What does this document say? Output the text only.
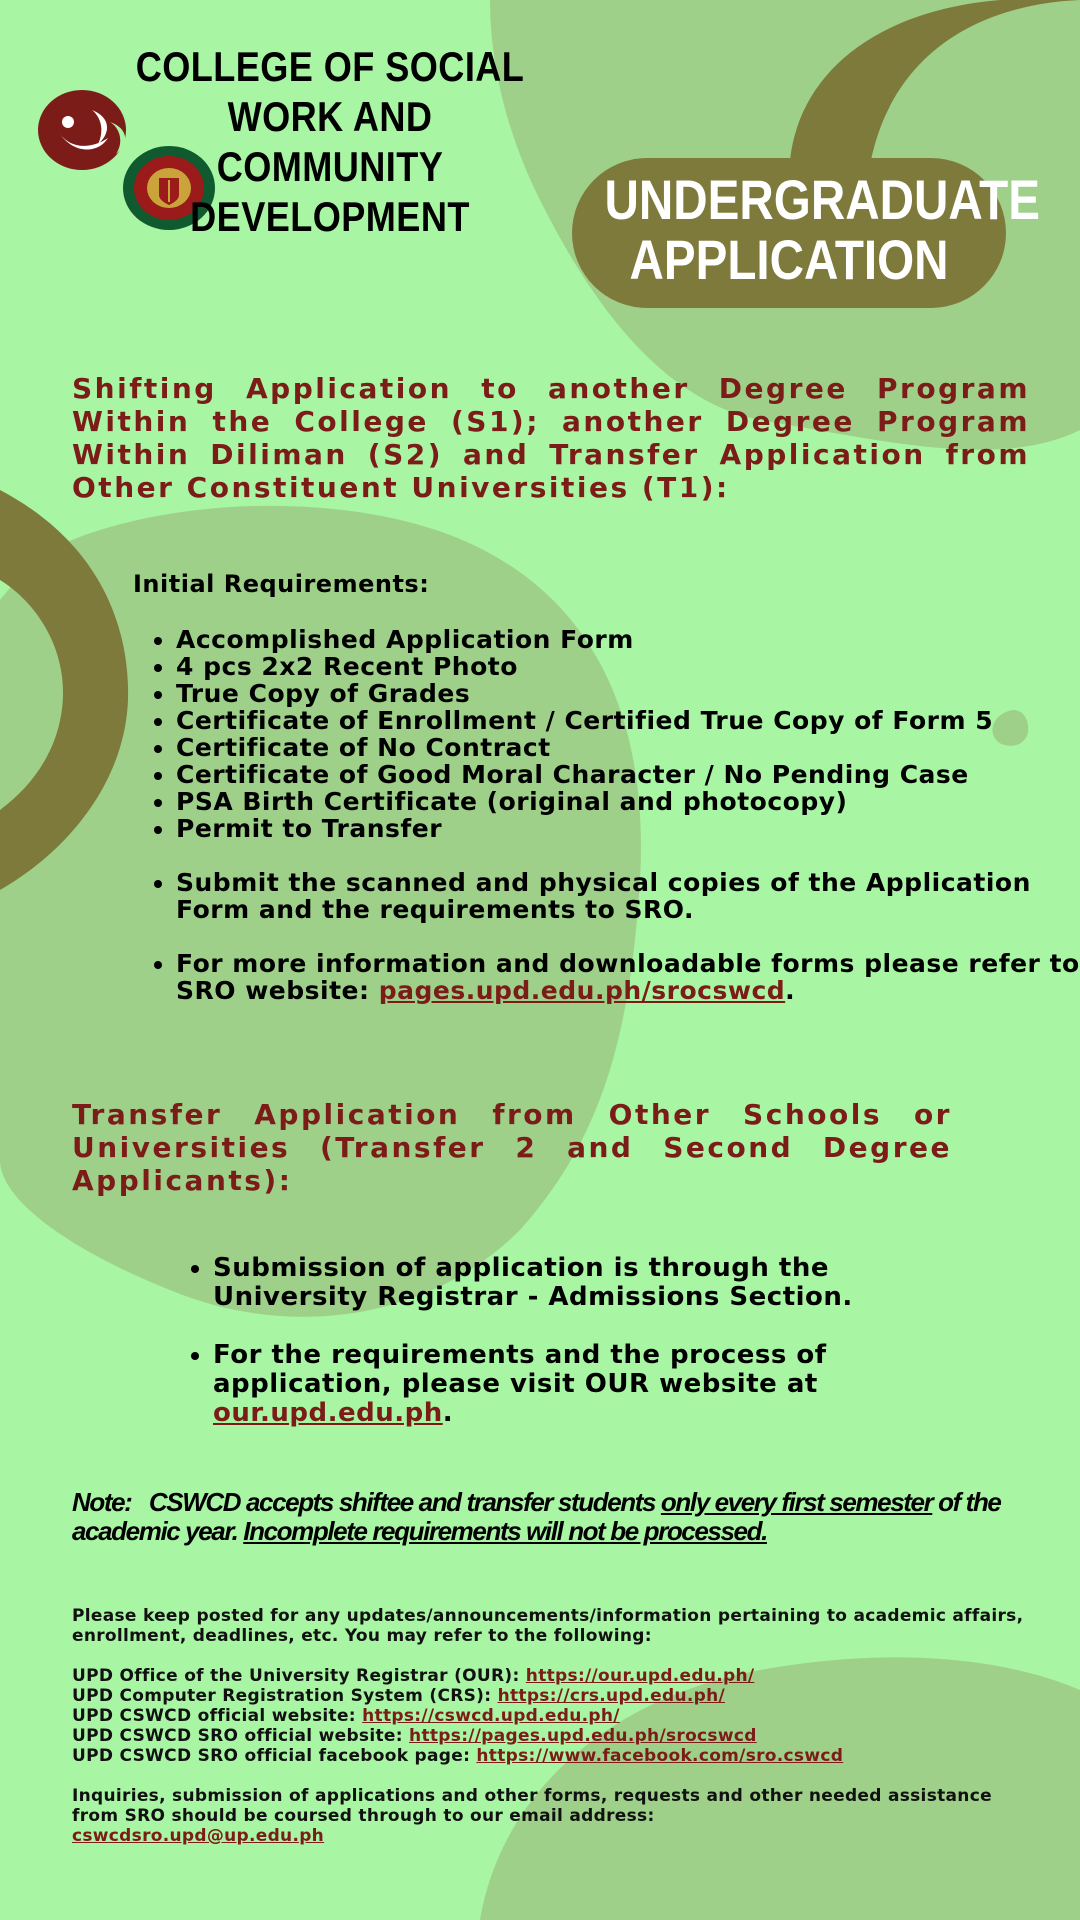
COLLEGE OF SOCIAL WORK AND COMMUNITY DEVELOPMENT	UNDERGRADUATE
APPLICATION
Shifting Application to another Degree Program Within the College (S1); another Degree Program Within Diliman (S2) and Transfer Application from Other Constituent Universities (T1):
Initial Requirements:
• Accomplished Application Form
• 4 pcs 2x2 Recent Photo
• True Copy of Grades
• Certificate of Enrollment / Certified True Copy of Form 5
• Certificate of No Contract
• Certificate of Good Moral Character / No Pending Case
• PSA Birth Certificate (original and photocopy)
• Permit to Transfer
• Submit the scanned and physical copies of the Application Form and the requirements to SRO.
• For more information and downloadable forms please refer to SRO website: pages.upd.edu.ph/srocswcd.
Transfer Application from Other Schools or Universities (Transfer 2 and Second Degree Applicants):
• Submission of application is through the University Registrar - Admissions Section.
• For the requirements and the process of application, please visit OUR website at our.upd.edu.ph.
Note: CSWCD accepts shiftee and transfer students only every first semester of the academic year. Incomplete requirements will not be processed.
Please keep posted for any updates/announcements/information pertaining to academic affairs, enrollment, deadlines, etc. You may refer to the following:
UPD Office of the University Registrar (OUR): https://our.upd.edu.ph/
UPD Computer Registration System (CRS): https://crs.upd.edu.ph/
UPD CSWCD official website: https://cswcd.upd.edu.ph/
UPD CSWCD SRO official website: https://pages.upd.edu.ph/srocswcd
UPD CSWCD SRO official facebook page: https://www.facebook.com/sro.cswcd
Inquiries, submission of applications and other forms, requests and other needed assistance from SRO should be coursed through to our email address:
cswcdsro.upd@up.edu.ph
